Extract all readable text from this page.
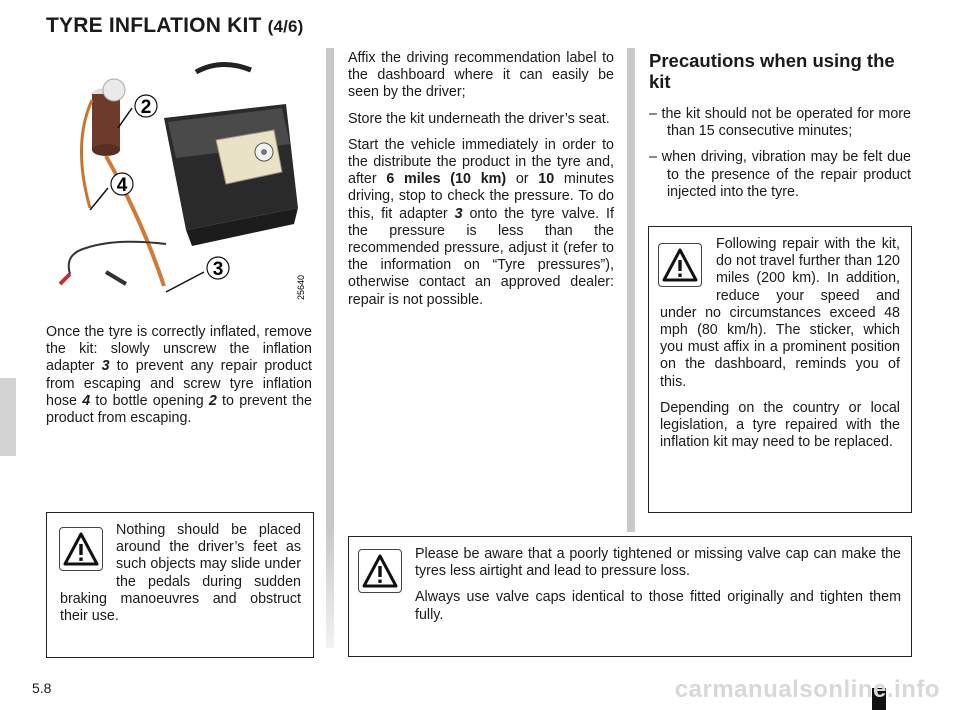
TYRE INFLATION KIT (4/6)
2
4
3
25640

Once the tyre is correctly inflated, remove the kit: slowly unscrew the inflation adapter 3 to prevent any repair product from escaping and screw tyre inflation hose 4 to bottle opening 2 to prevent the product from escaping.

Nothing should be placed around the driver’s feet as such objects may slide under the pedals during sudden braking manoeuvres and obstruct their use.

Affix the driving recommendation label to the dashboard where it can easily be seen by the driver;

Store the kit underneath the driver’s seat.

Start the vehicle immediately in order to the distribute the product in the tyre and, after 6 miles (10 km) or 10 minutes driving, stop to check the pressure. To do this, fit adapter 3 onto the tyre valve. If the pressure is less than the recommended pressure, adjust it (refer to the information on “Tyre pressures”), otherwise contact an approved dealer: repair is not possible.

Precautions when using the kit

– the kit should not be operated for more than 15 consecutive minutes;

– when driving, vibration may be felt due to the presence of the repair product injected into the tyre.

Following repair with the kit, do not travel further than 120 miles (200 km). In addition, reduce your speed and under no circumstances exceed 48 mph (80 km/h). The sticker, which you must affix in a prominent position on the dashboard, reminds you of this.

Depending on the country or local legislation, a tyre repaired with the inflation kit may need to be replaced.

Please be aware that a poorly tightened or missing valve cap can make the tyres less airtight and lead to pressure loss.

Always use valve caps identical to those fitted originally and tighten them fully.

5.8	carmanualsonline.info
